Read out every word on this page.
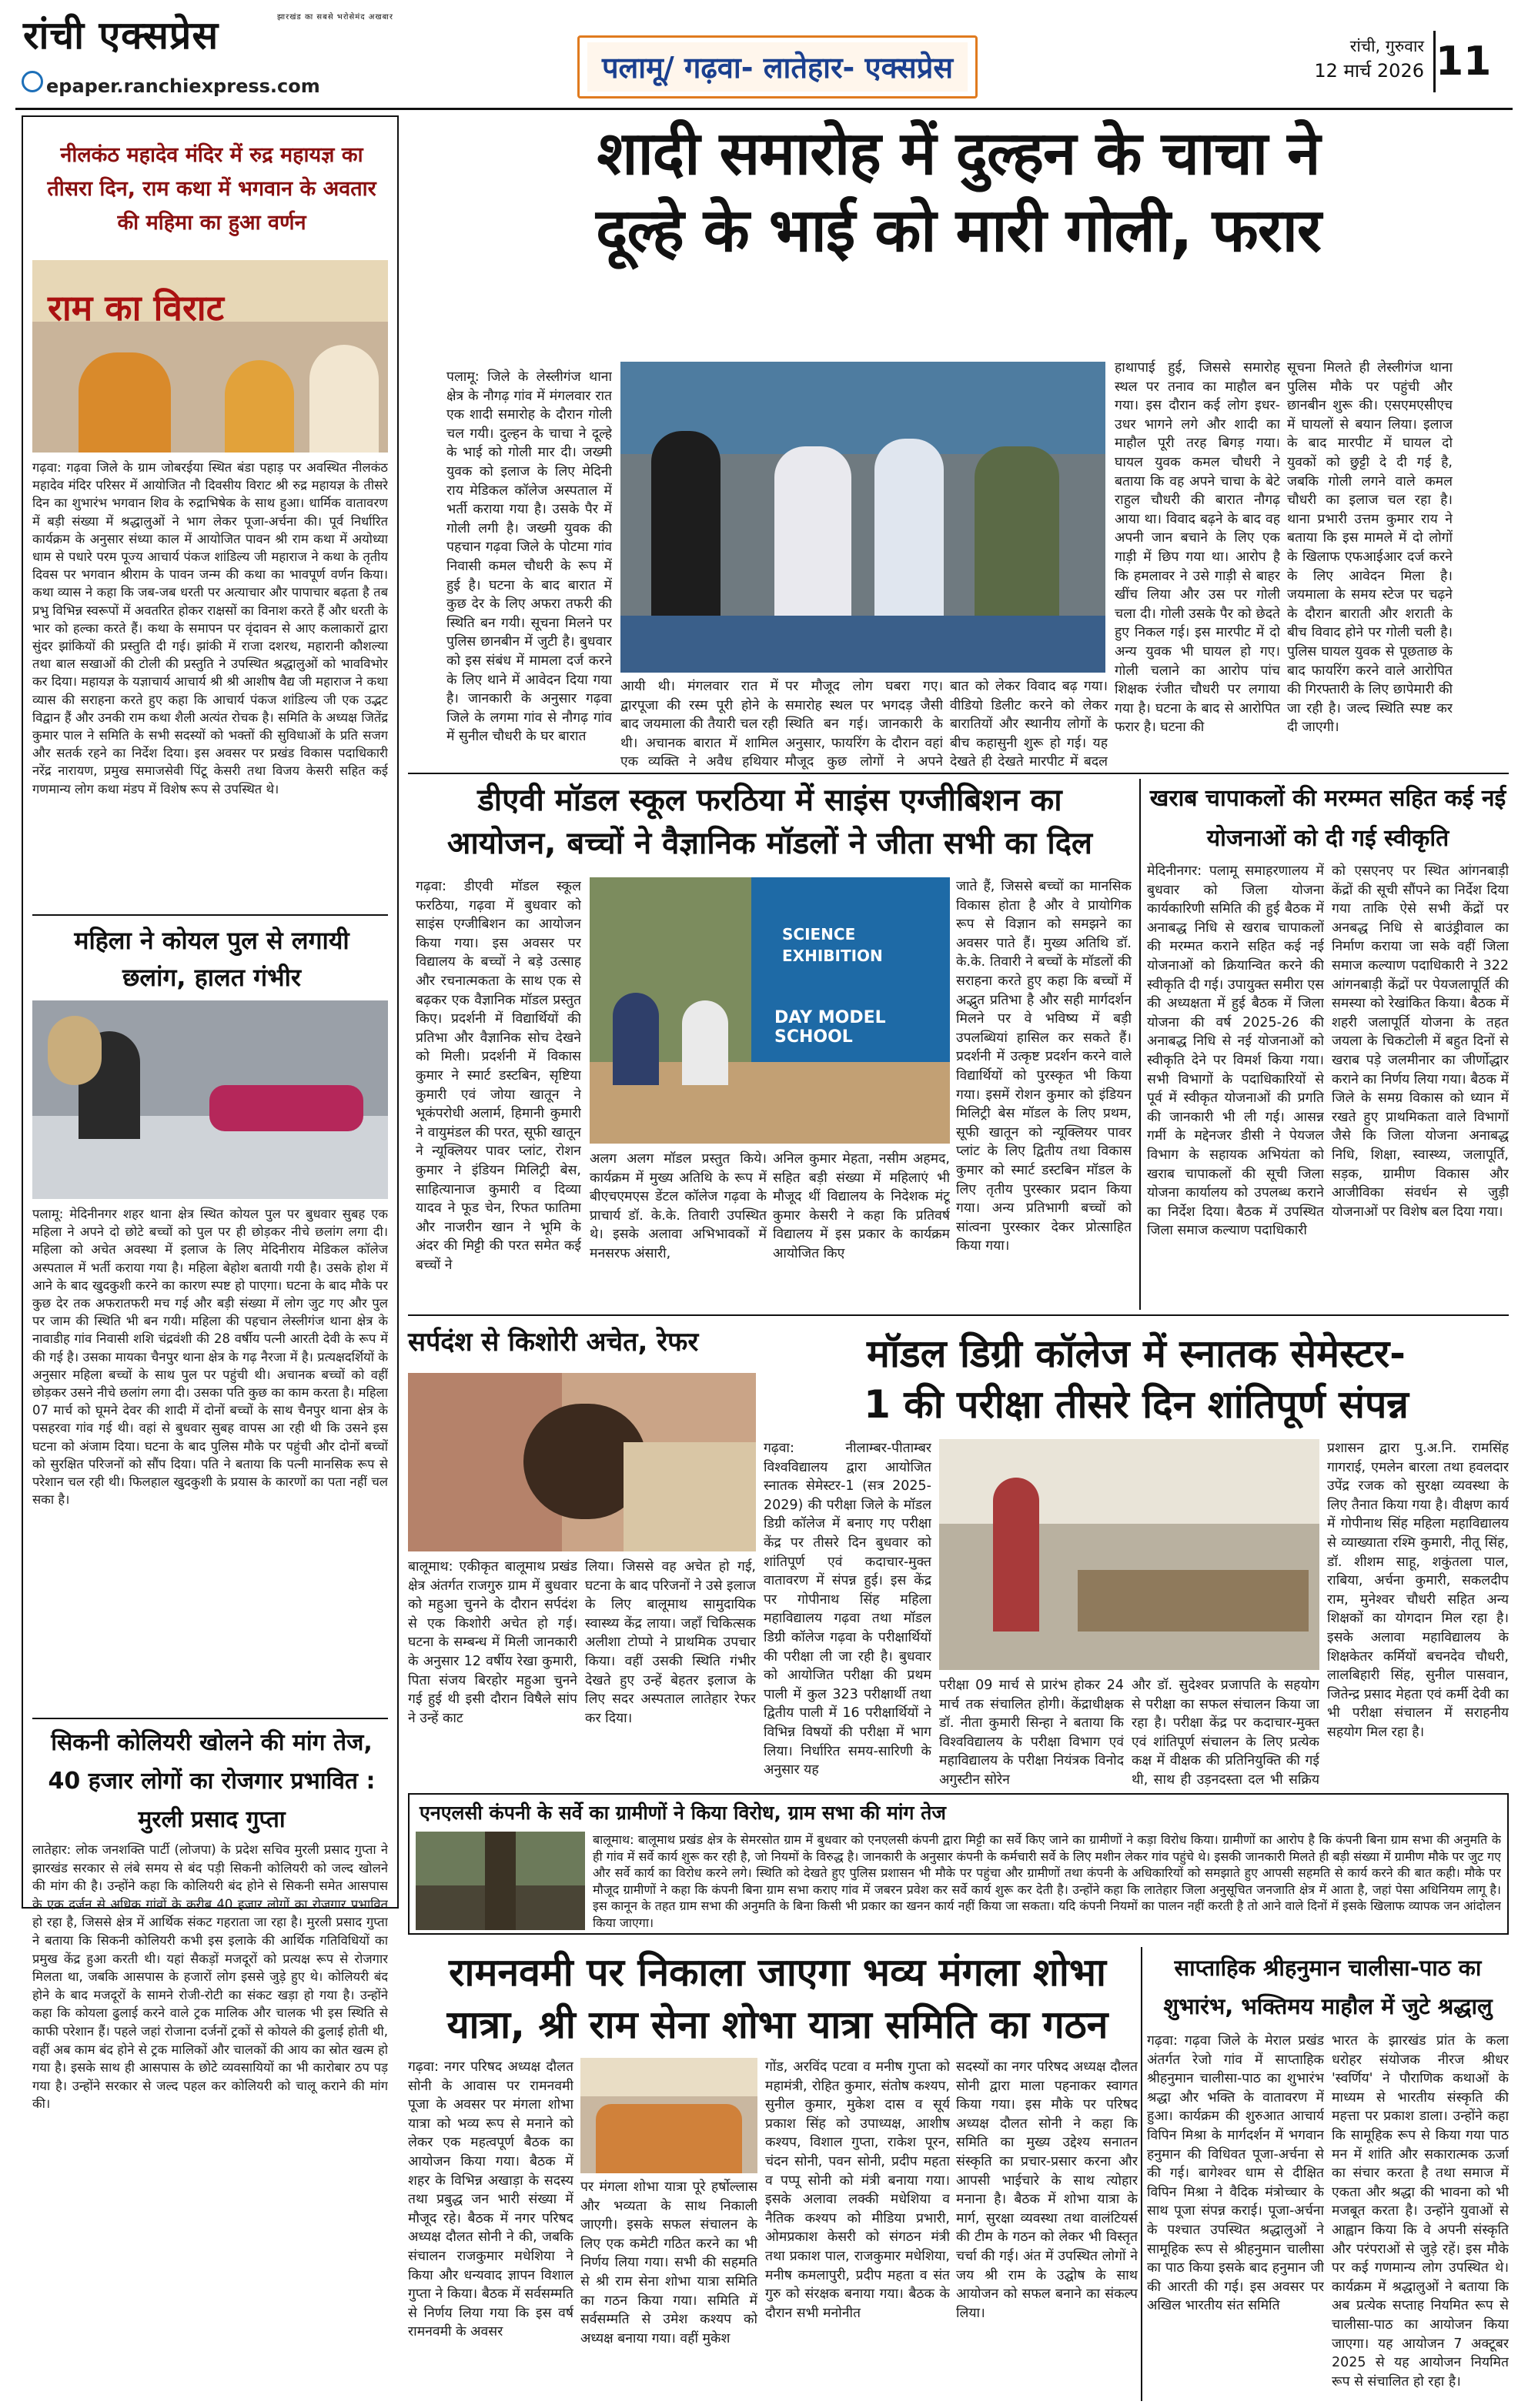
रांची एक्सप्रेस	झारखंड का सबसे भरोसेमंद अखबार
epaper.ranchiexpress.com
पलामू/ गढ़वा- लातेहार- एक्सप्रेस
रांची, गुरुवार
12 मार्च 2026 11
नीलकंठ महादेव मंदिर में रुद्र महायज्ञ का तीसरा दिन, राम कथा में भगवान के अवतार की महिमा का हुआ वर्णन
राम का विराट
गढ़वा: गढ़वा जिले के ग्राम जोबरईया स्थित बंडा पहाड़ पर अवस्थित नीलकंठ महादेव मंदिर परिसर में आयोजित नौ दिवसीय विराट श्री रुद्र महायज्ञ के तीसरे दिन का शुभारंभ भगवान शिव के रुद्राभिषेक के साथ हुआ। धार्मिक वातावरण में बड़ी संख्या में श्रद्धालुओं ने भाग लेकर पूजा-अर्चना की। पूर्व निर्धारित कार्यक्रम के अनुसार संध्या काल में आयोजित पावन श्री राम कथा में अयोध्या धाम से पधारे परम पूज्य आचार्य पंकज शांडिल्य जी महाराज ने कथा के तृतीय दिवस पर भगवान श्रीराम के पावन जन्म की कथा का भावपूर्ण वर्णन किया। कथा व्यास ने कहा कि जब-जब धरती पर अत्याचार और पापाचार बढ़ता है तब प्रभु विभिन्न स्वरूपों में अवतरित होकर राक्षसों का विनाश करते हैं और धरती के भार को हल्का करते हैं। कथा के समापन पर वृंदावन से आए कलाकारों द्वारा सुंदर झांकियों की प्रस्तुति दी गई। झांकी में राजा दशरथ, महारानी कौशल्या तथा बाल सखाओं की टोली की प्रस्तुति ने उपस्थित श्रद्धालुओं को भावविभोर कर दिया। महायज्ञ के यज्ञाचार्य आचार्य श्री श्री आशीष वैद्य जी महाराज ने कथा व्यास की सराहना करते हुए कहा कि आचार्य पंकज शांडिल्य जी एक उद्भट विद्वान हैं और उनकी राम कथा शैली अत्यंत रोचक है। समिति के अध्यक्ष जितेंद्र कुमार पाल ने समिति के सभी सदस्यों को भक्तों की सुविधाओं के प्रति सजग और सतर्क रहने का निर्देश दिया। इस अवसर पर प्रखंड विकास पदाधिकारी नरेंद्र नारायण, प्रमुख समाजसेवी पिंटू केसरी तथा विजय केसरी सहित कई गणमान्य लोग कथा मंडप में विशेष रूप से उपस्थित थे।
महिला ने कोयल पुल से लगायी छलांग, हालत गंभीर
पलामू: मेदिनीनगर शहर थाना क्षेत्र स्थित कोयल पुल पर बुधवार सुबह एक महिला ने अपने दो छोटे बच्चों को पुल पर ही छोड़कर नीचे छलांग लगा दी। महिला को अचेत अवस्था में इलाज के लिए मेदिनीराय मेडिकल कॉलेज अस्पताल में भर्ती कराया गया है। महिला बेहोश बतायी गयी है। उसके होश में आने के बाद खुदकुशी करने का कारण स्पष्ट हो पाएगा। घटना के बाद मौके पर कुछ देर तक अफरातफरी मच गई और बड़ी संख्या में लोग जुट गए और पुल पर जाम की स्थिति भी बन गयी। महिला की पहचान लेस्लीगंज थाना क्षेत्र के नावाडीह गांव निवासी शशि चंद्रवंशी की 28 वर्षीय पत्नी आरती देवी के रूप में की गई है। उसका मायका चैनपुर थाना क्षेत्र के गढ़ नैरजा में है। प्रत्यक्षदर्शियों के अनुसार महिला बच्चों के साथ पुल पर पहुंची थी। अचानक बच्चों को वहीं छोड़कर उसने नीचे छलांग लगा दी। उसका पति कुछ का काम करता है। महिला 07 मार्च को घूमने देवर की शादी में दोनों बच्चों के साथ चैनपुर थाना क्षेत्र के पसहरवा गांव गई थी। वहां से बुधवार सुबह वापस आ रही थी कि उसने इस घटना को अंजाम दिया। घटना के बाद पुलिस मौके पर पहुंची और दोनों बच्चों को सुरक्षित परिजनों को सौंप दिया। पति ने बताया कि पत्नी मानसिक रूप से परेशान चल रही थी। फिलहाल खुदकुशी के प्रयास के कारणों का पता नहीं चल सका है।
सिकनी कोलियरी खोलने की मांग तेज, 40 हजार लोगों का रोजगार प्रभावित : मुरली प्रसाद गुप्ता
लातेहार: लोक जनशक्ति पार्टी (लोजपा) के प्रदेश सचिव मुरली प्रसाद गुप्ता ने झारखंड सरकार से लंबे समय से बंद पड़ी सिकनी कोलियरी को जल्द खोलने की मांग की है। उन्होंने कहा कि कोलियरी बंद होने से सिकनी समेत आसपास के एक दर्जन से अधिक गांवों के करीब 40 हजार लोगों का रोजगार प्रभावित हो रहा है, जिससे क्षेत्र में आर्थिक संकट गहराता जा रहा है। मुरली प्रसाद गुप्ता ने बताया कि सिकनी कोलियरी कभी इस इलाके की आर्थिक गतिविधियों का प्रमुख केंद्र हुआ करती थी। यहां सैकड़ों मजदूरों को प्रत्यक्ष रूप से रोजगार मिलता था, जबकि आसपास के हजारों लोग इससे जुड़े हुए थे। कोलियरी बंद होने के बाद मजदूरों के सामने रोजी-रोटी का संकट खड़ा हो गया है। उन्होंने कहा कि कोयला ढुलाई करने वाले ट्रक मालिक और चालक भी इस स्थिति से काफी परेशान हैं। पहले जहां रोजाना दर्जनों ट्रकों से कोयले की ढुलाई होती थी, वहीं अब काम बंद होने से ट्रक मालिकों और चालकों की आय का स्रोत खत्म हो गया है। इसके साथ ही आसपास के छोटे व्यवसायियों का भी कारोबार ठप पड़ गया है। उन्होंने सरकार से जल्द पहल कर कोलियरी को चालू कराने की मांग की।
शादी समारोह में दुल्हन के चाचा ने
दूल्हे के भाई को मारी गोली, फरार
पलामू: जिले के लेस्लीगंज थाना क्षेत्र के नौगढ़ गांव में मंगलवार रात एक शादी समारोह के दौरान गोली चल गयी। दुल्हन के चाचा ने दूल्हे के भाई को गोली मार दी। जख्मी युवक को इलाज के लिए मेदिनी राय मेडिकल कॉलेज अस्पताल में भर्ती कराया गया है। उसके पैर में गोली लगी है। जख्मी युवक की पहचान गढ़वा जिले के पोटमा गांव निवासी कमल चौधरी के रूप में हुई है। घटना के बाद बारात में कुछ देर के लिए अफरा तफरी की स्थिति बन गयी। सूचना मिलने पर पुलिस छानबीन में जुटी है। बुधवार को इस संबंध में मामला दर्ज करने के लिए थाने में आवेदन दिया गया है। जानकारी के अनुसार गढ़वा जिले के लगमा गांव से नौगढ़ गांव में सुनील चौधरी के घर बारात
आयी थी। मंगलवार रात में द्वारपूजा की रस्म पूरी होने के बाद जयमाला की तैयारी चल रही थी। अचानक बारात में शामिल एक व्यक्ति ने अवैध हथियार
पर मौजूद लोग घबरा गए। समारोह स्थल पर भगदड़ जैसी स्थिति बन गई। जानकारी के अनुसार, फायरिंग के दौरान वहां मौजूद कुछ लोगों ने अपने
बात को लेकर विवाद बढ़ गया। वीडियो डिलीट करने को लेकर बारातियों और स्थानीय लोगों के बीच कहासुनी शुरू हो गई। यह देखते ही देखते मारपीट में बदल
हाथापाई हुई, जिससे समारोह स्थल पर तनाव का माहौल बन गया। इस दौरान कई लोग इधर-उधर भागने लगे और शादी का माहौल पूरी तरह बिगड़ गया। घायल युवक कमल चौधरी ने बताया कि वह अपने चाचा के बेटे राहुल चौधरी की बारात नौगढ़ आया था। विवाद बढ़ने के बाद वह अपनी जान बचाने के लिए एक गाड़ी में छिप गया था। आरोप है कि हमलावर ने उसे गाड़ी से बाहर खींच लिया और उस पर गोली चला दी। गोली उसके पैर को छेदते हुए निकल गई। इस मारपीट में दो अन्य युवक भी घायल हो गए। गोली चलाने का आरोप पांच शिक्षक रंजीत चौधरी पर लगाया गया है। घटना के बाद से आरोपित फरार है। घटना की
सूचना मिलते ही लेस्लीगंज थाना पुलिस मौके पर पहुंची और छानबीन शुरू की। एसएमएसीएच में घायलों से बयान लिया। इलाज के बाद मारपीट में घायल दो युवकों को छुट्टी दे दी गई है, जबकि गोली लगने वाले कमल चौधरी का इलाज चल रहा है। थाना प्रभारी उत्तम कुमार राय ने बताया कि इस मामले में दो लोगों के खिलाफ एफआईआर दर्ज करने के लिए आवेदन मिला है। जयमाला के समय स्टेज पर चढ़ने के दौरान बाराती और शराती के बीच विवाद होने पर गोली चली है। पुलिस घायल युवक से पूछताछ के बाद फायरिंग करने वाले आरोपित की गिरफ्तारी के लिए छापेमारी की जा रही है। जल्द स्थिति स्पष्ट कर दी जाएगी।
डीएवी मॉडल स्कूल फरठिया में साइंस एग्जीबिशन का
आयोजन, बच्चों ने वैज्ञानिक मॉडलों ने जीता सभी का दिल
गढ़वा: डीएवी मॉडल स्कूल फरठिया, गढ़वा में बुधवार को साइंस एग्जीबिशन का आयोजन किया गया। इस अवसर पर विद्यालय के बच्चों ने बड़े उत्साह और रचनात्मकता के साथ एक से बढ़कर एक वैज्ञानिक मॉडल प्रस्तुत किए। प्रदर्शनी में विद्यार्थियों की प्रतिभा और वैज्ञानिक सोच देखने को मिली। प्रदर्शनी में विकास कुमार ने स्मार्ट डस्टबिन, सृष्टिया कुमारी एवं जोया खातून ने भूकंपरोधी अलार्म, हिमानी कुमारी ने वायुमंडल की परत, सूफी खातून ने न्यूक्लियर पावर प्लांट, रोशन कुमार ने इंडियन मिलिट्री बेस, साहित्यानाज कुमारी व दिव्या यादव ने फूड चेन, रिफत फातिमा और नाजरीन खान ने भूमि के अंदर की मिट्टी की परत समेत कई बच्चों ने
SCIENCE EXHIBITION
DAY MODEL SCHOOL
अलग अलग मॉडल प्रस्तुत किये। कार्यक्रम में मुख्य अतिथि के रूप में बीएचएमएस डेंटल कॉलेज गढ़वा के प्राचार्य डॉ. के.के. तिवारी उपस्थित थे। इसके अलावा अभिभावकों में मनसरफ अंसारी,
अनिल कुमार मेहता, नसीम अहमद, सहित बड़ी संख्या में महिलाएं भी मौजूद थीं विद्यालय के निदेशक मंटू कुमार केसरी ने कहा कि प्रतिवर्ष विद्यालय में इस प्रकार के कार्यक्रम आयोजित किए
जाते हैं, जिससे बच्चों का मानसिक विकास होता है और वे प्रायोगिक रूप से विज्ञान को समझने का अवसर पाते हैं। मुख्य अतिथि डॉ. के.के. तिवारी ने बच्चों के मॉडलों की सराहना करते हुए कहा कि बच्चों में अद्भुत प्रतिभा है और सही मार्गदर्शन मिलने पर वे भविष्य में बड़ी उपलब्धियां हासिल कर सकते हैं। प्रदर्शनी में उत्कृष्ट प्रदर्शन करने वाले विद्यार्थियों को पुरस्कृत भी किया गया। इसमें रोशन कुमार को इंडियन मिलिट्री बेस मॉडल के लिए प्रथम, सूफी खातून को न्यूक्लियर पावर प्लांट के लिए द्वितीय तथा विकास कुमार को स्मार्ट डस्टबिन मॉडल के लिए तृतीय पुरस्कार प्रदान किया गया। अन्य प्रतिभागी बच्चों को सांत्वना पुरस्कार देकर प्रोत्साहित किया गया।
खराब चापाकलों की मरम्मत सहित कई नई योजनाओं को दी गई स्वीकृति
मेदिनीनगर: पलामू समाहरणालय में बुधवार को जिला योजना कार्यकारिणी समिति की हुई बैठक में अनाबद्ध निधि से खराब चापाकलों की मरम्मत कराने सहित कई नई योजनाओं को क्रियान्वित करने की स्वीकृति दी गई। उपायुक्त समीरा एस की अध्यक्षता में हुई बैठक में जिला योजना की वर्ष 2025-26 की अनाबद्ध निधि से नई योजनाओं को स्वीकृति देने पर विमर्श किया गया। सभी विभागों के पदाधिकारियों से पूर्व में स्वीकृत योजनाओं की प्रगति की जानकारी भी ली गई। आसन्न गर्मी के मद्देनजर डीसी ने पेयजल विभाग के सहायक अभियंता को खराब चापाकलों की सूची जिला योजना कार्यालय को उपलब्ध कराने का निर्देश दिया। बैठक में उपस्थित जिला समाज कल्याण पदाधिकारी
को एसएनए पर स्थित आंगनबाड़ी केंद्रों की सूची सौंपने का निर्देश दिया गया ताकि ऐसे सभी केंद्रों पर अनबद्ध निधि से बाउंड्रीवाल का निर्माण कराया जा सके वहीं जिला समाज कल्याण पदाधिकारी ने 322 आंगनबाड़ी केंद्रों पर पेयजलापूर्ति की समस्या को रेखांकित किया। बैठक में शहरी जलापूर्ति योजना के तहत जयला के चिकटोली में बहुत दिनों से खराब पड़े जलमीनार का जीर्णोद्धार कराने का निर्णय लिया गया। बैठक में जिले के समग्र विकास को ध्यान में रखते हुए प्राथमिकता वाले विभागों जैसे कि जिला योजना अनाबद्ध निधि, शिक्षा, स्वास्थ्य, जलापूर्ति, सड़क, ग्रामीण विकास और आजीविका संवर्धन से जुड़ी योजनाओं पर विशेष बल दिया गया।
सर्पदंश से किशोरी अचेत, रेफर
बालूमाथ: एकीकृत बालूमाथ प्रखंड क्षेत्र अंतर्गत राजगुरु ग्राम में बुधवार को महुआ चुनने के दौरान सर्पदंश से एक किशोरी अचेत हो गई। घटना के सम्बन्ध में मिली जानकारी के अनुसार 12 वर्षीय रेखा कुमारी, पिता संजय बिरहोर महुआ चुनने गई हुई थी इसी दौरान विषैले सांप ने उन्हें काट
लिया। जिससे वह अचेत हो गई, घटना के बाद परिजनों ने उसे इलाज के लिए बालूमाथ सामुदायिक स्वास्थ्य केंद्र लाया। जहाँ चिकित्सक अलीशा टोप्पो ने प्राथमिक उपचार किया। वहीं उसकी स्थिति गंभीर देखते हुए उन्हें बेहतर इलाज के लिए सदर अस्पताल लातेहार रेफर कर दिया।
मॉडल डिग्री कॉलेज में स्नातक सेमेस्टर-
1 की परीक्षा तीसरे दिन शांतिपूर्ण संपन्न
गढ़वा: नीलाम्बर-पीताम्बर विश्वविद्यालय द्वारा आयोजित स्नातक सेमेस्टर-1 (सत्र 2025-2029) की परीक्षा जिले के मॉडल डिग्री कॉलेज में बनाए गए परीक्षा केंद्र पर तीसरे दिन बुधवार को शांतिपूर्ण एवं कदाचार-मुक्त वातावरण में संपन्न हुई। इस केंद्र पर गोपीनाथ सिंह महिला महाविद्यालय गढ़वा तथा मॉडल डिग्री कॉलेज गढ़वा के परीक्षार्थियों की परीक्षा ली जा रही है। बुधवार को आयोजित परीक्षा की प्रथम पाली में कुल 323 परीक्षार्थी तथा द्वितीय पाली में 16 परीक्षार्थियों ने विभिन्न विषयों की परीक्षा में भाग लिया। निर्धारित समय-सारिणी के अनुसार यह
परीक्षा 09 मार्च से प्रारंभ होकर 24 मार्च तक संचालित होगी। केंद्राधीक्षक डॉ. नीता कुमारी सिन्हा ने बताया कि विश्वविद्यालय के परीक्षा विभाग एवं महाविद्यालय के परीक्षा नियंत्रक विनोद अगुस्टीन सोरेन
और डॉ. सुदेश्वर प्रजापति के सहयोग से परीक्षा का सफल संचालन किया जा रहा है। परीक्षा केंद्र पर कदाचार-मुक्त एवं शांतिपूर्ण संचालन के लिए प्रत्येक कक्ष में वीक्षक की प्रतिनियुक्ति की गई थी, साथ ही उड़नदस्ता दल भी सक्रिय
प्रशासन द्वारा पु.अ.नि. रामसिंह गागराई, एमलेन बारला तथा हवलदार उपेंद्र रजक को सुरक्षा व्यवस्था के लिए तैनात किया गया है। वीक्षण कार्य में गोपीनाथ सिंह महिला महाविद्यालय से व्याख्याता रश्मि कुमारी, नीतू सिंह, डॉ. शीशम साहू, शकुंतला पाल, राबिया, अर्चना कुमारी, सकलदीप राम, मुनेश्वर चौधरी सहित अन्य शिक्षकों का योगदान मिल रहा है। इसके अलावा महाविद्यालय के शिक्षकेतर कर्मियों बचनदेव चौधरी, लालबिहारी सिंह, सुनील पासवान, जितेन्द्र प्रसाद मेहता एवं कर्मी देवी का भी परीक्षा संचालन में सराहनीय सहयोग मिल रहा है।
एनएलसी कंपनी के सर्वे का ग्रामीणों ने किया विरोध, ग्राम सभा की मांग तेज
बालूमाथ: बालूमाथ प्रखंड क्षेत्र के सेमरसोत ग्राम में बुधवार को एनएलसी कंपनी द्वारा मिट्टी का सर्वे किए जाने का ग्रामीणों ने कड़ा विरोध किया। ग्रामीणों का आरोप है कि कंपनी बिना ग्राम सभा की अनुमति के ही गांव में सर्वे कार्य शुरू कर रही है, जो नियमों के विरुद्ध है। जानकारी के अनुसार कंपनी के कर्मचारी सर्वे के लिए मशीन लेकर गांव पहुंचे थे। इसकी जानकारी मिलते ही बड़ी संख्या में ग्रामीण मौके पर जुट गए और सर्वे कार्य का विरोध करने लगे। स्थिति को देखते हुए पुलिस प्रशासन भी मौके पर पहुंचा और ग्रामीणों तथा कंपनी के अधिकारियों को समझाते हुए आपसी सहमति से कार्य करने की बात कही। मौके पर मौजूद ग्रामीणों ने कहा कि कंपनी बिना ग्राम सभा कराए गांव में जबरन प्रवेश कर सर्वे कार्य शुरू कर देती है। उन्होंने कहा कि लातेहार जिला अनुसूचित जनजाति क्षेत्र में आता है, जहां पेसा अधिनियम लागू है। इस कानून के तहत ग्राम सभा की अनुमति के बिना किसी भी प्रकार का खनन कार्य नहीं किया जा सकता। यदि कंपनी नियमों का पालन नहीं करती है तो आने वाले दिनों में इसके खिलाफ व्यापक जन आंदोलन किया जाएगा।
रामनवमी पर निकाला जाएगा भव्य मंगला शोभा
यात्रा, श्री राम सेना शोभा यात्रा समिति का गठन
गढ़वा: नगर परिषद अध्यक्ष दौलत सोनी के आवास पर रामनवमी पूजा के अवसर पर मंगला शोभा यात्रा को भव्य रूप से मनाने को लेकर एक महत्वपूर्ण बैठक का आयोजन किया गया। बैठक में शहर के विभिन्न अखाड़ा के सदस्य तथा प्रबुद्ध जन भारी संख्या में मौजूद रहे। बैठक में नगर परिषद अध्यक्ष दौलत सोनी ने की, जबकि संचालन राजकुमार मधेशिया ने किया और धन्यवाद ज्ञापन विशाल गुप्ता ने किया। बैठक में सर्वसम्मति से निर्णय लिया गया कि इस वर्ष रामनवमी के अवसर
पर मंगला शोभा यात्रा पूरे हर्षोल्लास और भव्यता के साथ निकाली जाएगी। इसके सफल संचालन के लिए एक कमेटी गठित करने का भी निर्णय लिया गया। सभी की सहमति से श्री राम सेना शोभा यात्रा समिति का गठन किया गया। समिति में सर्वसम्मति से उमेश कश्यप को अध्यक्ष बनाया गया। वहीं मुकेश
गोंड, अरविंद पटवा व मनीष गुप्ता को महामंत्री, रोहित कुमार, संतोष कश्यप, सुनील कुमार, मुकेश दास व सूर्य प्रकाश सिंह को उपाध्यक्ष, आशीष कश्यप, विशाल गुप्ता, राकेश पूरन, चंदन सोनी, पवन सोनी, प्रदीप महता व पप्पू सोनी को मंत्री बनाया गया। इसके अलावा लक्की मधेशिया व नैतिक कश्यप को मीडिया प्रभारी, ओमप्रकाश केसरी को संगठन मंत्री तथा प्रकाश पाल, राजकुमार मधेशिया, मनीष कमलापुरी, प्रदीप महता व संत गुरु को संरक्षक बनाया गया। बैठक के दौरान सभी मनोनीत
सदस्यों का नगर परिषद अध्यक्ष दौलत सोनी द्वारा माला पहनाकर स्वागत किया गया। इस मौके पर परिषद अध्यक्ष दौलत सोनी ने कहा कि समिति का मुख्य उद्देश्य सनातन संस्कृति का प्रचार-प्रसार करना और आपसी भाईचारे के साथ त्योहार मनाना है। बैठक में शोभा यात्रा के मार्ग, सुरक्षा व्यवस्था तथा वालंटियर्स की टीम के गठन को लेकर भी विस्तृत चर्चा की गई। अंत में उपस्थित लोगों ने जय श्री राम के उद्घोष के साथ आयोजन को सफल बनाने का संकल्प लिया।
साप्ताहिक श्रीहनुमान चालीसा-पाठ का शुभारंभ, भक्तिमय माहौल में जुटे श्रद्धालु
गढ़वा: गढ़वा जिले के मेराल प्रखंड अंतर्गत रेजो गांव में साप्ताहिक श्रीहनुमान चालीसा-पाठ का शुभारंभ श्रद्धा और भक्ति के वातावरण में हुआ। कार्यक्रम की शुरुआत आचार्य विपिन मिश्रा के मार्गदर्शन में भगवान हनुमान की विधिवत पूजा-अर्चना से की गई। बागेश्वर धाम से दीक्षित विपिन मिश्रा ने वैदिक मंत्रोच्चार के साथ पूजा संपन्न कराई। पूजा-अर्चना के पश्चात उपस्थित श्रद्धालुओं ने सामूहिक रूप से श्रीहनुमान चालीसा का पाठ किया इसके बाद हनुमान जी की आरती की गई। इस अवसर पर अखिल भारतीय संत समिति
भारत के झारखंड प्रांत के कला धरोहर संयोजक नीरज श्रीधर 'स्वर्णिय' ने पौराणिक कथाओं के माध्यम से भारतीय संस्कृति की महत्ता पर प्रकाश डाला। उन्होंने कहा कि सामूहिक रूप से किया गया पाठ मन में शांति और सकारात्मक ऊर्जा का संचार करता है तथा समाज में एकता और श्रद्धा की भावना को भी मजबूत करता है। उन्होंने युवाओं से आह्वान किया कि वे अपनी संस्कृति और परंपराओं से जुड़े रहें। इस मौके पर कई गणमान्य लोग उपस्थित थे। कार्यक्रम में श्रद्धालुओं ने बताया कि अब प्रत्येक सप्ताह नियमित रूप से चालीसा-पाठ का आयोजन किया जाएगा। यह आयोजन 7 अक्टूबर 2025 से यह आयोजन नियमित रूप से संचालित हो रहा है।
